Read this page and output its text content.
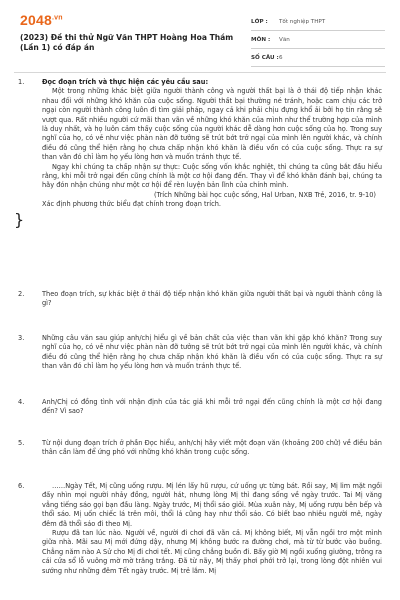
$2048^{.vn}$
(2023) Đề thi thử Ngữ Văn THPT Hoàng Hoa Thám (Lần 1) có đáp án
LỚP :	Tốt nghiệp THPT
MÔN :	Văn
SỐ CÂU : 6
1.	Đọc đoạn trích và thực hiện các yêu cầu sau:

Một trong những khác biệt giữa người thành công và người thất bại là ở thái độ tiếp nhận khác nhau đối với những khó khăn của cuộc sống. Người thất bại thường né tránh, hoặc cam chịu các trở ngại còn người thành công luôn đi tìm giải pháp, ngay cả khi phải chịu đựng khổ ải bởi họ tin rằng sẽ vượt qua. Rất nhiều người cứ mãi than vãn về những khó khăn của mình như thể trường hợp của mình là duy nhất, và họ luôn cảm thấy cuộc sống của người khác dễ dàng hơn cuộc sống của họ. Trong suy nghĩ của họ, có vẻ như việc phàn nàn đỡ tưởng sẽ trút bớt trở ngại của mình lên người khác, và chính điều đó cũng thể hiện rằng họ chưa chấp nhận khó khăn là điều vốn có của cuộc sống. Thực ra sự than vãn đó chỉ làm họ yếu lòng hơn và muốn tránh thực tế.

Ngay khi chúng ta chấp nhận sự thực: Cuộc sống vốn khắc nghiệt, thì chúng ta cũng bắt đầu hiểu rằng, khi mỗi trở ngại đến cũng chính là một cơ hội đang đến. Thay vì để khó khăn đánh bại, chúng ta hãy đón nhận chúng như một cơ hội để rèn luyện bản lĩnh của chính mình.

(Trích Những bài học cuộc sống, Hal Urban, NXB Trẻ, 2016, tr. 9-10)

Xác định phương thức biểu đạt chính trong đoạn trích.

}
2.	Theo đoạn trích, sự khác biệt ở thái độ tiếp nhận khó khăn giữa người thất bại và người thành công là gì?

3.	Những câu văn sau giúp anh/chị hiểu gì về bản chất của việc than vãn khi gặp khó khăn? Trong suy nghĩ của họ, có vẻ như việc phàn nàn đỡ tưởng sẽ trút bớt trở ngại của mình lên người khác, và chính điều đó cũng thể hiện rằng họ chưa chấp nhận khó khăn là điều vốn có của cuộc sống. Thực ra sự than vãn đó chỉ làm họ yếu lòng hơn và muốn tránh thực tế.

4.	Anh/Chị có đồng tình với nhận định của tác giả khi mỗi trở ngại đến cũng chính là một cơ hội đang đến? Vì sao?

5.	Từ nội dung đoạn trích ở phần Đọc hiểu, anh/chị hãy viết một đoạn văn (khoảng 200 chữ) về điều bản thân cần làm để ứng phó với những khó khăn trong cuộc sống.

6.	……Ngày Tết, Mị cũng uống rượu. Mị lén lấy hũ rượu, cứ uống ực từng bát. Rồi say, Mị lim mặt ngồi đấy nhìn mọi người nhảy đồng, người hát, nhưng lòng Mị thì đang sống về ngày trước. Tai Mị văng vẳng tiếng sáo gọi bạn đầu làng. Ngày trước, Mị thổi sáo giỏi. Mùa xuân này, Mị uống rượu bên bếp và thổi sáo. Mị uốn chiếc lá trên môi, thổi lá cũng hay như thổi sáo. Có biết bao nhiêu người mê, ngày đêm đã thổi sáo đi theo Mị.

Rượu đã tan lúc nào. Người về, người đi chơi đã vãn cả. Mị không biết, Mị vẫn ngồi trơ một mình giữa nhà. Mãi sau Mị mới đứng dậy, nhưng Mị không bước ra đường chơi, mà từ từ bước vào buồng. Chẳng năm nào A Sử cho Mị đi chơi tết. Mị cũng chẳng buồn đi. Bấy giờ Mị ngồi xuống giường, trông ra cái cửa sổ lỗ vuông mờ mờ trăng trắng. Đã từ nãy, Mị thấy phơi phới trở lại, trong lòng đột nhiên vui sướng như những đêm Tết ngày trước. Mị trẻ lắm. Mị
